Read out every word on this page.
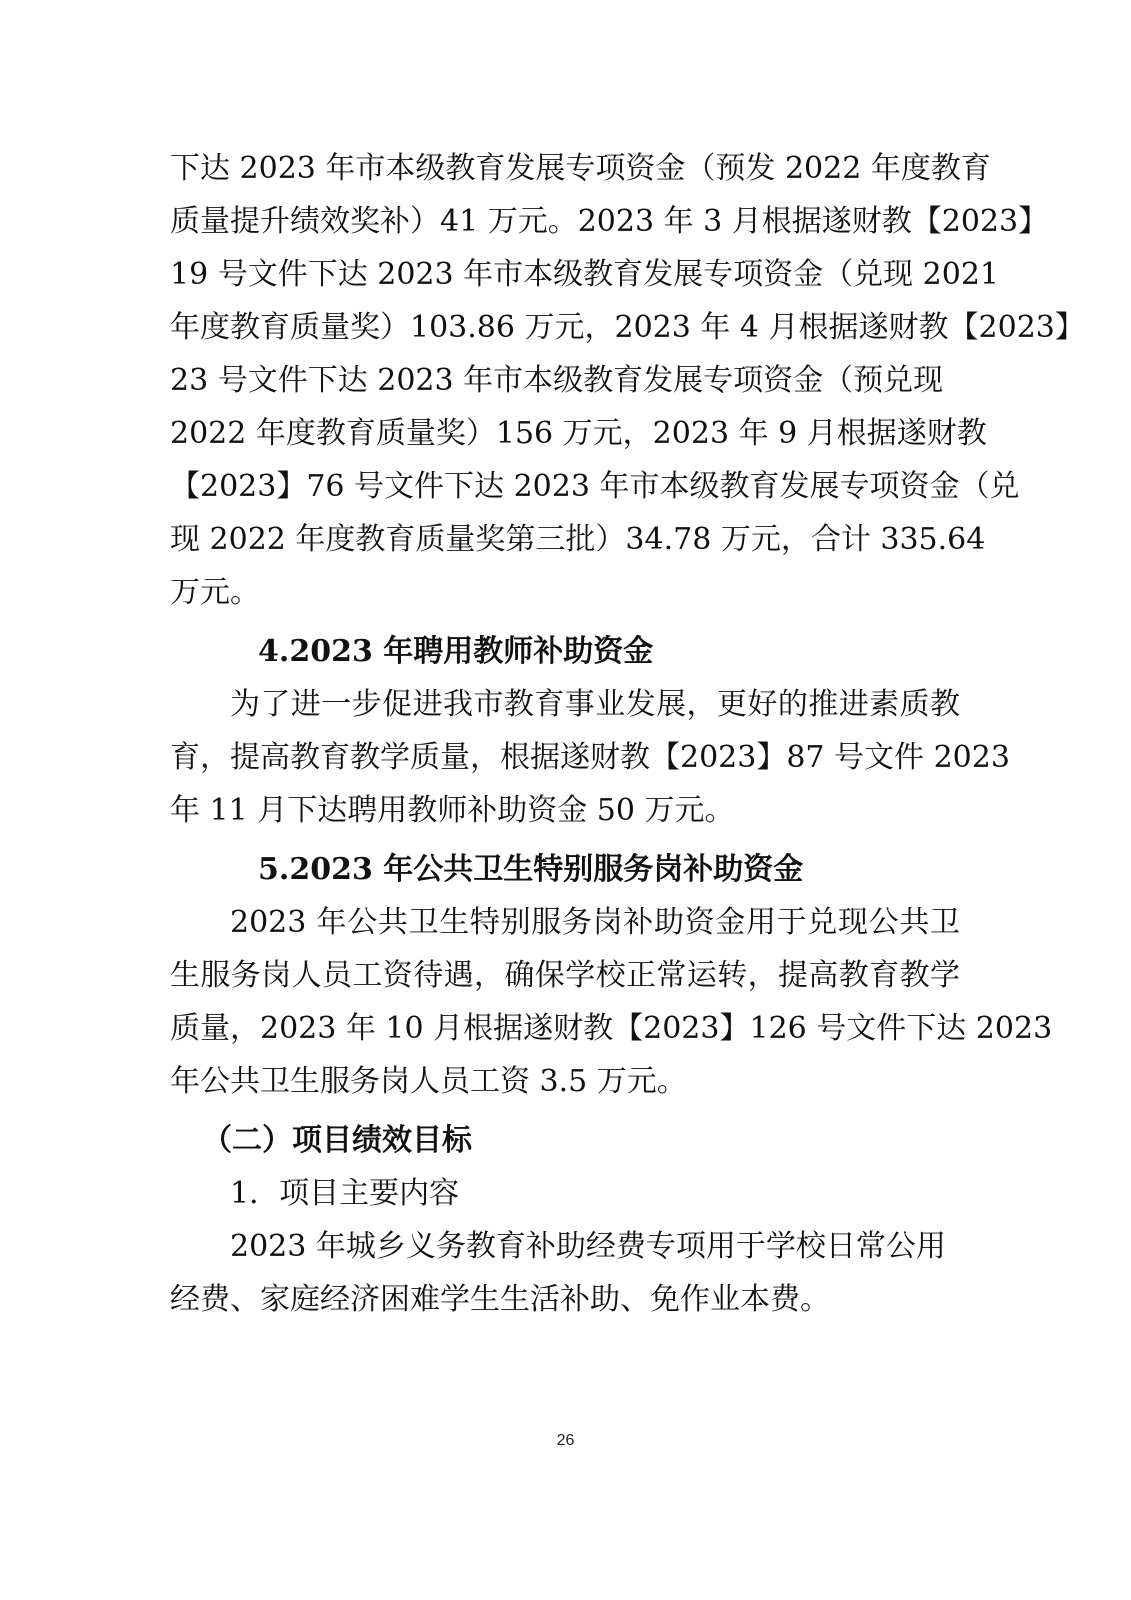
下达 2023 年市本级教育发展专项资金（预发 2022 年度教育
质量提升绩效奖补）41 万元。2023 年 3 月根据遂财教【2023】
19 号文件下达 2023 年市本级教育发展专项资金（兑现 2021
年度教育质量奖）103.86 万元，2023 年 4 月根据遂财教【2023】
23 号文件下达 2023 年市本级教育发展专项资金（预兑现
2022 年度教育质量奖）156 万元，2023 年 9 月根据遂财教
【2023】76 号文件下达 2023 年市本级教育发展专项资金（兑
现 2022 年度教育质量奖第三批）34.78 万元，合计 335.64
万元。
4.2023 年聘用教师补助资金
为了进一步促进我市教育事业发展，更好的推进素质教
育，提高教育教学质量，根据遂财教【2023】87 号文件 2023
年 11 月下达聘用教师补助资金 50 万元。
5.2023 年公共卫生特别服务岗补助资金
2023 年公共卫生特别服务岗补助资金用于兑现公共卫
生服务岗人员工资待遇，确保学校正常运转，提高教育教学
质量，2023 年 10 月根据遂财教【2023】126 号文件下达 2023
年公共卫生服务岗人员工资 3.5 万元。
（二）项目绩效目标
1．项目主要内容
2023 年城乡义务教育补助经费专项用于学校日常公用
经费、家庭经济困难学生生活补助、免作业本费。
26
